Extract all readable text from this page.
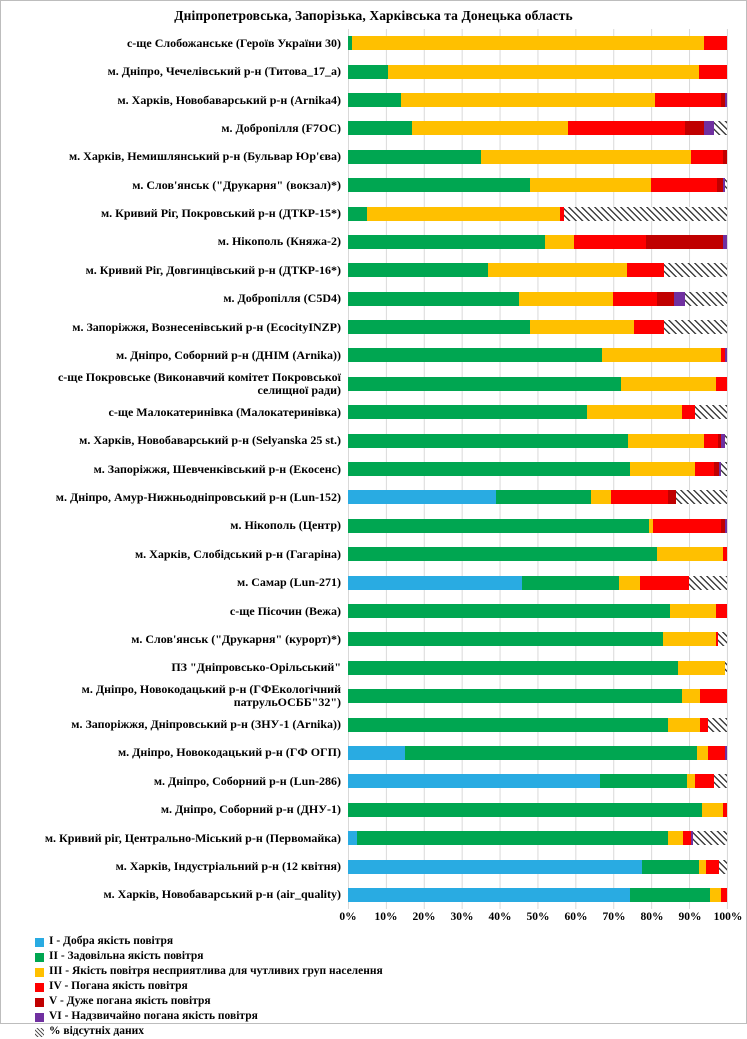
Дніпропетровська, Запорізька, Харківська та Донецька область
с-ще Слобожанське (Героїв України 30)
м. Дніпро, Чечелівський р-н (Титова_17_а)
м. Харків, Новобаварський р-н (Arnika4)
м. Добропілля (F7OC)
м. Харків, Немишлянський р-н (Бульвар Юр'єва)
м. Слов'янськ ("Друкарня" (вокзал)*)
м. Кривий Ріг, Покровський р-н (ДТКР-15*)
м. Нікополь (Княжа-2)
м. Кривий Ріг, Довгинцівський р-н (ДТКР-16*)
м. Добропілля (C5D4)
м. Запоріжжя, Вознесенівський р-н (EcocityINZP)
м. Дніпро, Соборний р-н (ДНІМ (Arnika))
с-ще Покровське (Виконавчий комітет Покровської селищної ради)
с-ще Малокатеринівка (Малокатеринівка)
м. Харків, Новобаварський р-н (Selyanska 25 st.)
м. Запоріжжя, Шевченківський р-н (Екосенс)
м. Дніпро, Амур-Нижньодніпровський р-н (Lun-152)
м. Нікополь (Центр)
м. Харків, Слобідський р-н (Гагаріна)
м. Самар (Lun-271)
с-ще Пісочин (Вежа)
м. Слов'янськ ("Друкарня" (курорт)*)
ПЗ "Дніпровсько-Орільський"
м. Дніпро, Новокодацький р-н (ГФЕкологічний патрульОСББ"32")
м. Запоріжжя, Дніпровський р-н (ЗНУ-1 (Arnika))
м. Дніпро, Новокодацький р-н (ГФ ОГП)
м. Дніпро, Соборний р-н (Lun-286)
м. Дніпро, Соборний р-н (ДНУ-1)
м. Кривий ріг, Центрально-Міський р-н (Первомайка)
м. Харків, Індустріальний р-н (12 квітня)
м. Харків, Новобаварський р-н (air_quality)
0% 10% 20% 30% 40% 50% 60% 70% 80% 90% 100%
I - Добра якість повітря
II - Задовільна якість повітря
III - Якість повітря несприятлива для чутливих груп населення
IV - Погана якість повітря
V - Дуже погана якість повітря
VI - Надзвичайно погана якість повітря
% відсутніх даних
